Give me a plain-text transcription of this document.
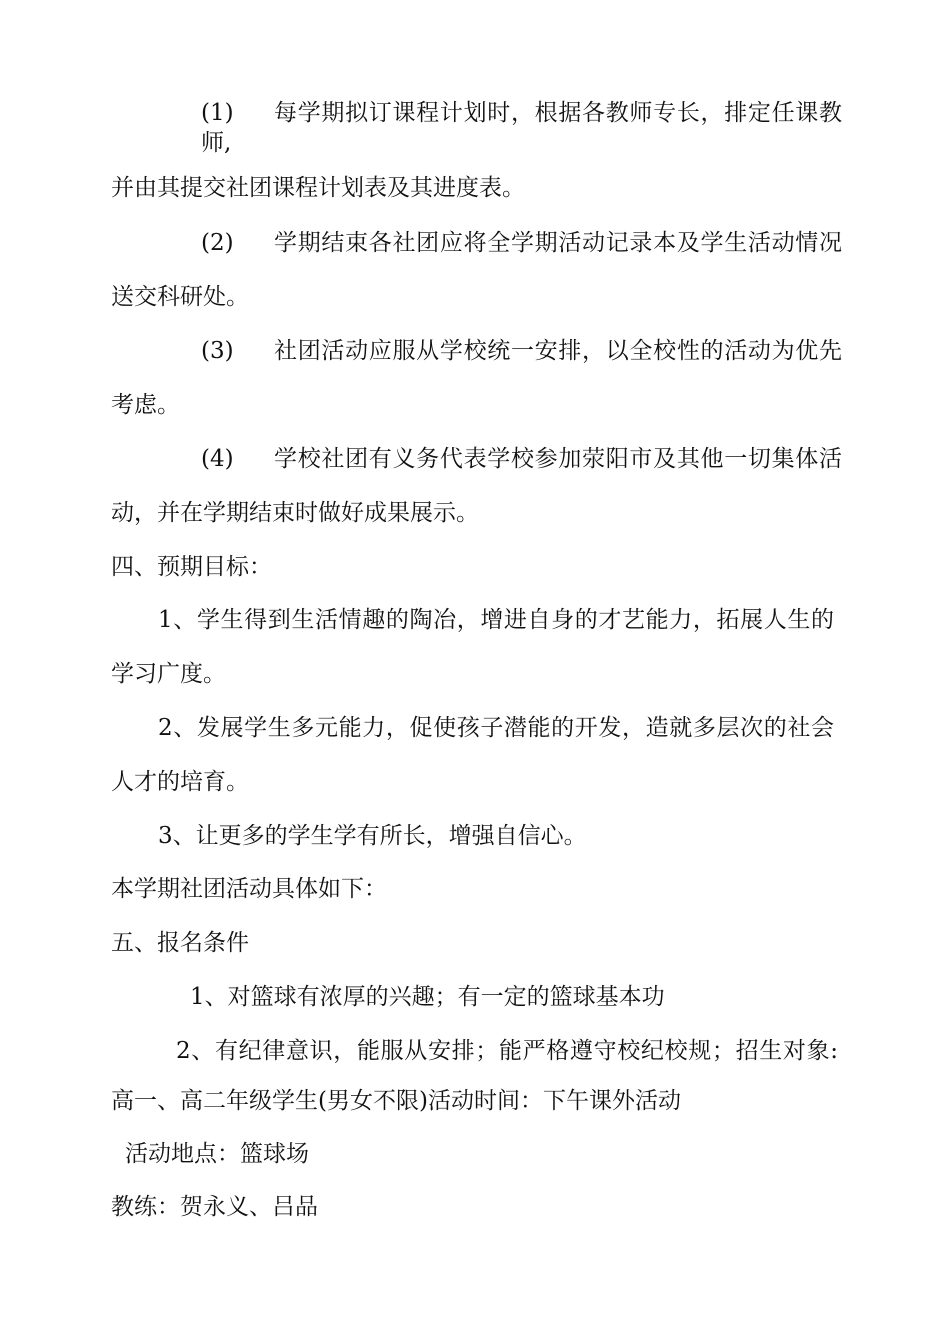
(1) 每学期拟订课程计划时，根据各教师专长，排定任课教
师,
并由其提交社团课程计划表及其进度表。
(2) 学期结束各社团应将全学期活动记录本及学生活动情况
送交科研处。
(3) 社团活动应服从学校统一安排，以全校性的活动为优先
考虑。
(4) 学校社团有义务代表学校参加荥阳市及其他一切集体活
动，并在学期结束时做好成果展示。
四、预期目标：
1、学生得到生活情趣的陶冶，增进自身的才艺能力，拓展人生的
学习广度。
2、发展学生多元能力，促使孩子潜能的开发，造就多层次的社会
人才的培育。
3、让更多的学生学有所长，增强自信心。
本学期社团活动具体如下：
五、报名条件
1、对篮球有浓厚的兴趣；有一定的篮球基本功
2、有纪律意识，能服从安排；能严格遵守校纪校规；招生对象:
高一、高二年级学生(男女不限)活动时间：下午课外活动
活动地点：篮球场
教练：贺永义、吕品
